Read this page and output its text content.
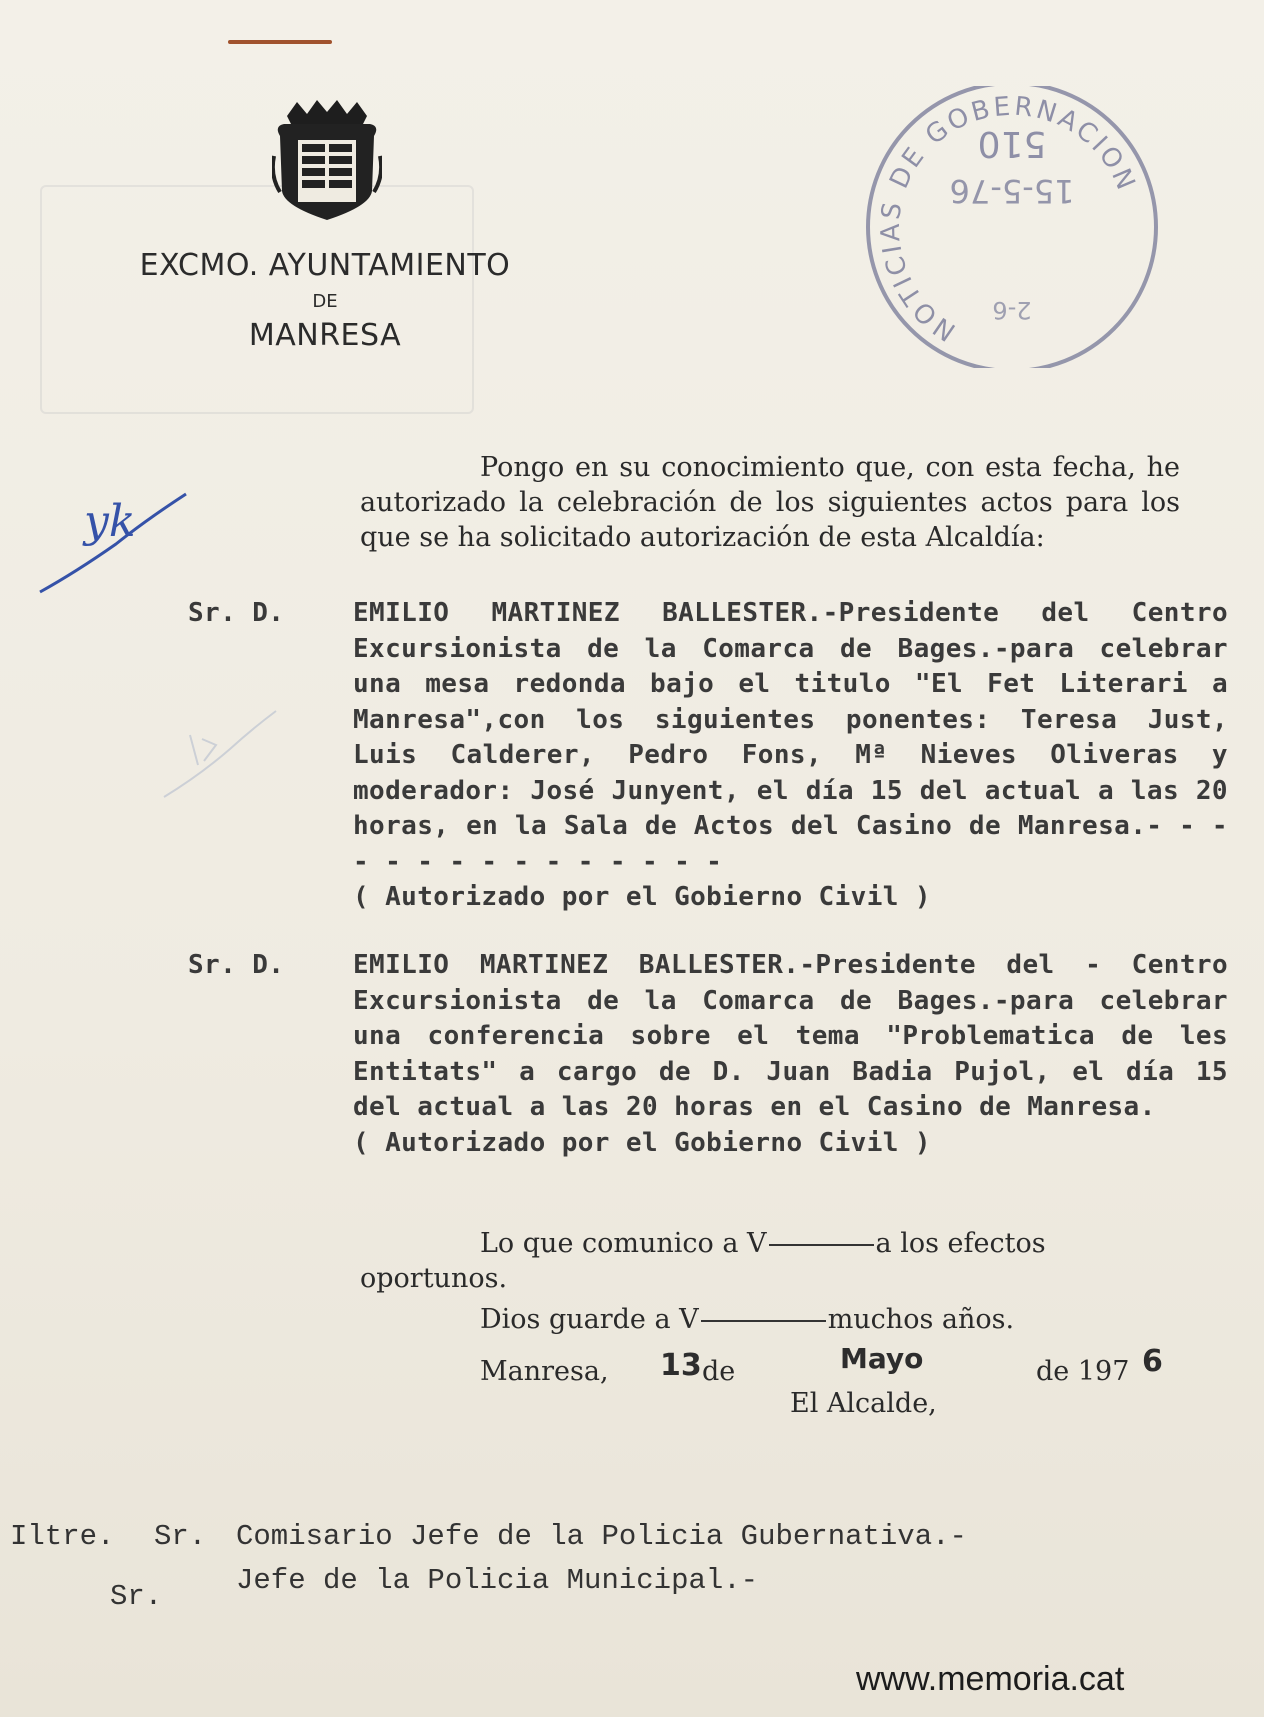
EXCMO. AYUNTAMIENTO
DE
MANRESA	NOTICIAS DE GOBERNACION
510
15-5-76
2-6
yk

Pongo en su conocimiento que, con esta fecha, he autorizado la celebración de los siguientes actos para los que se ha solicitado autorización de esta Alcaldía:

Sr. D.	EMILIO MARTINEZ BALLESTER.-Presidente del Centro Excursionista de la Comarca de Bages.-para celebrar una mesa redonda bajo el titulo "El Fet Literari a Manresa",con los siguientes ponentes: Teresa Just, Luis Calderer, Pedro Fons, Mª Nieves Oliveras y moderador: José Junyent, el día 15 del actual a las 20 horas, en la Sala de Actos del Casino de Manresa.- - - - - - - - - - - - - - -
( Autorizado por el Gobierno Civil )
Sr. D.	EMILIO MARTINEZ BALLESTER.-Presidente del - Centro Excursionista de la Comarca de Bages.-para celebrar una conferencia sobre el tema "Problematica de les Entitats" a cargo de D. Juan Badia Pujol, el día 15 del actual a las 20 horas en el Casino de Manresa.
( Autorizado por el Gobierno Civil )
Lo que comunico a V	a los efectos
oportunos.
Dios guarde a V	muchos años.
Manresa, 13 de	Mayo	de 197 6
El Alcalde,
Iltre. Sr. Comisario Jefe de la Policia Gubernativa.-
Sr.	Jefe de la Policia Municipal.-
www.memoria.cat
